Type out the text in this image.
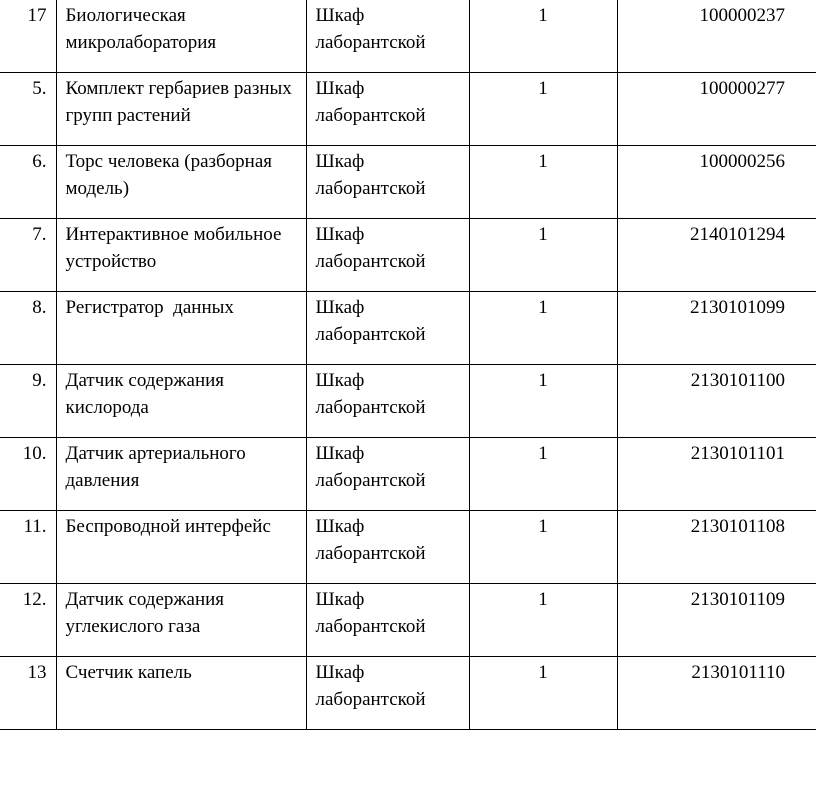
17	Биологическая микролаборатория	Шкаф лаборантской	1	100000237
5.	Комплект гербариев разных групп растений	Шкаф лаборантской	1	100000277
6.	Торс человека (разборная модель)	Шкаф лаборантской	1	100000256
7.	Интерактивное мобильное устройство	Шкаф лаборантской	1	2140101294
8.	Регистратор  данных	Шкаф лаборантской	1	2130101099
9.	Датчик содержания кислорода	Шкаф лаборантской	1	2130101100
10.	Датчик артериального давления	Шкаф лаборантской	1	2130101101
11.	Беспроводной интерфейс	Шкаф лаборантской	1	2130101108
12.	Датчик содержания углекислого газа	Шкаф лаборантской	1	2130101109
13	Счетчик капель	Шкаф лаборантской	1	2130101110
